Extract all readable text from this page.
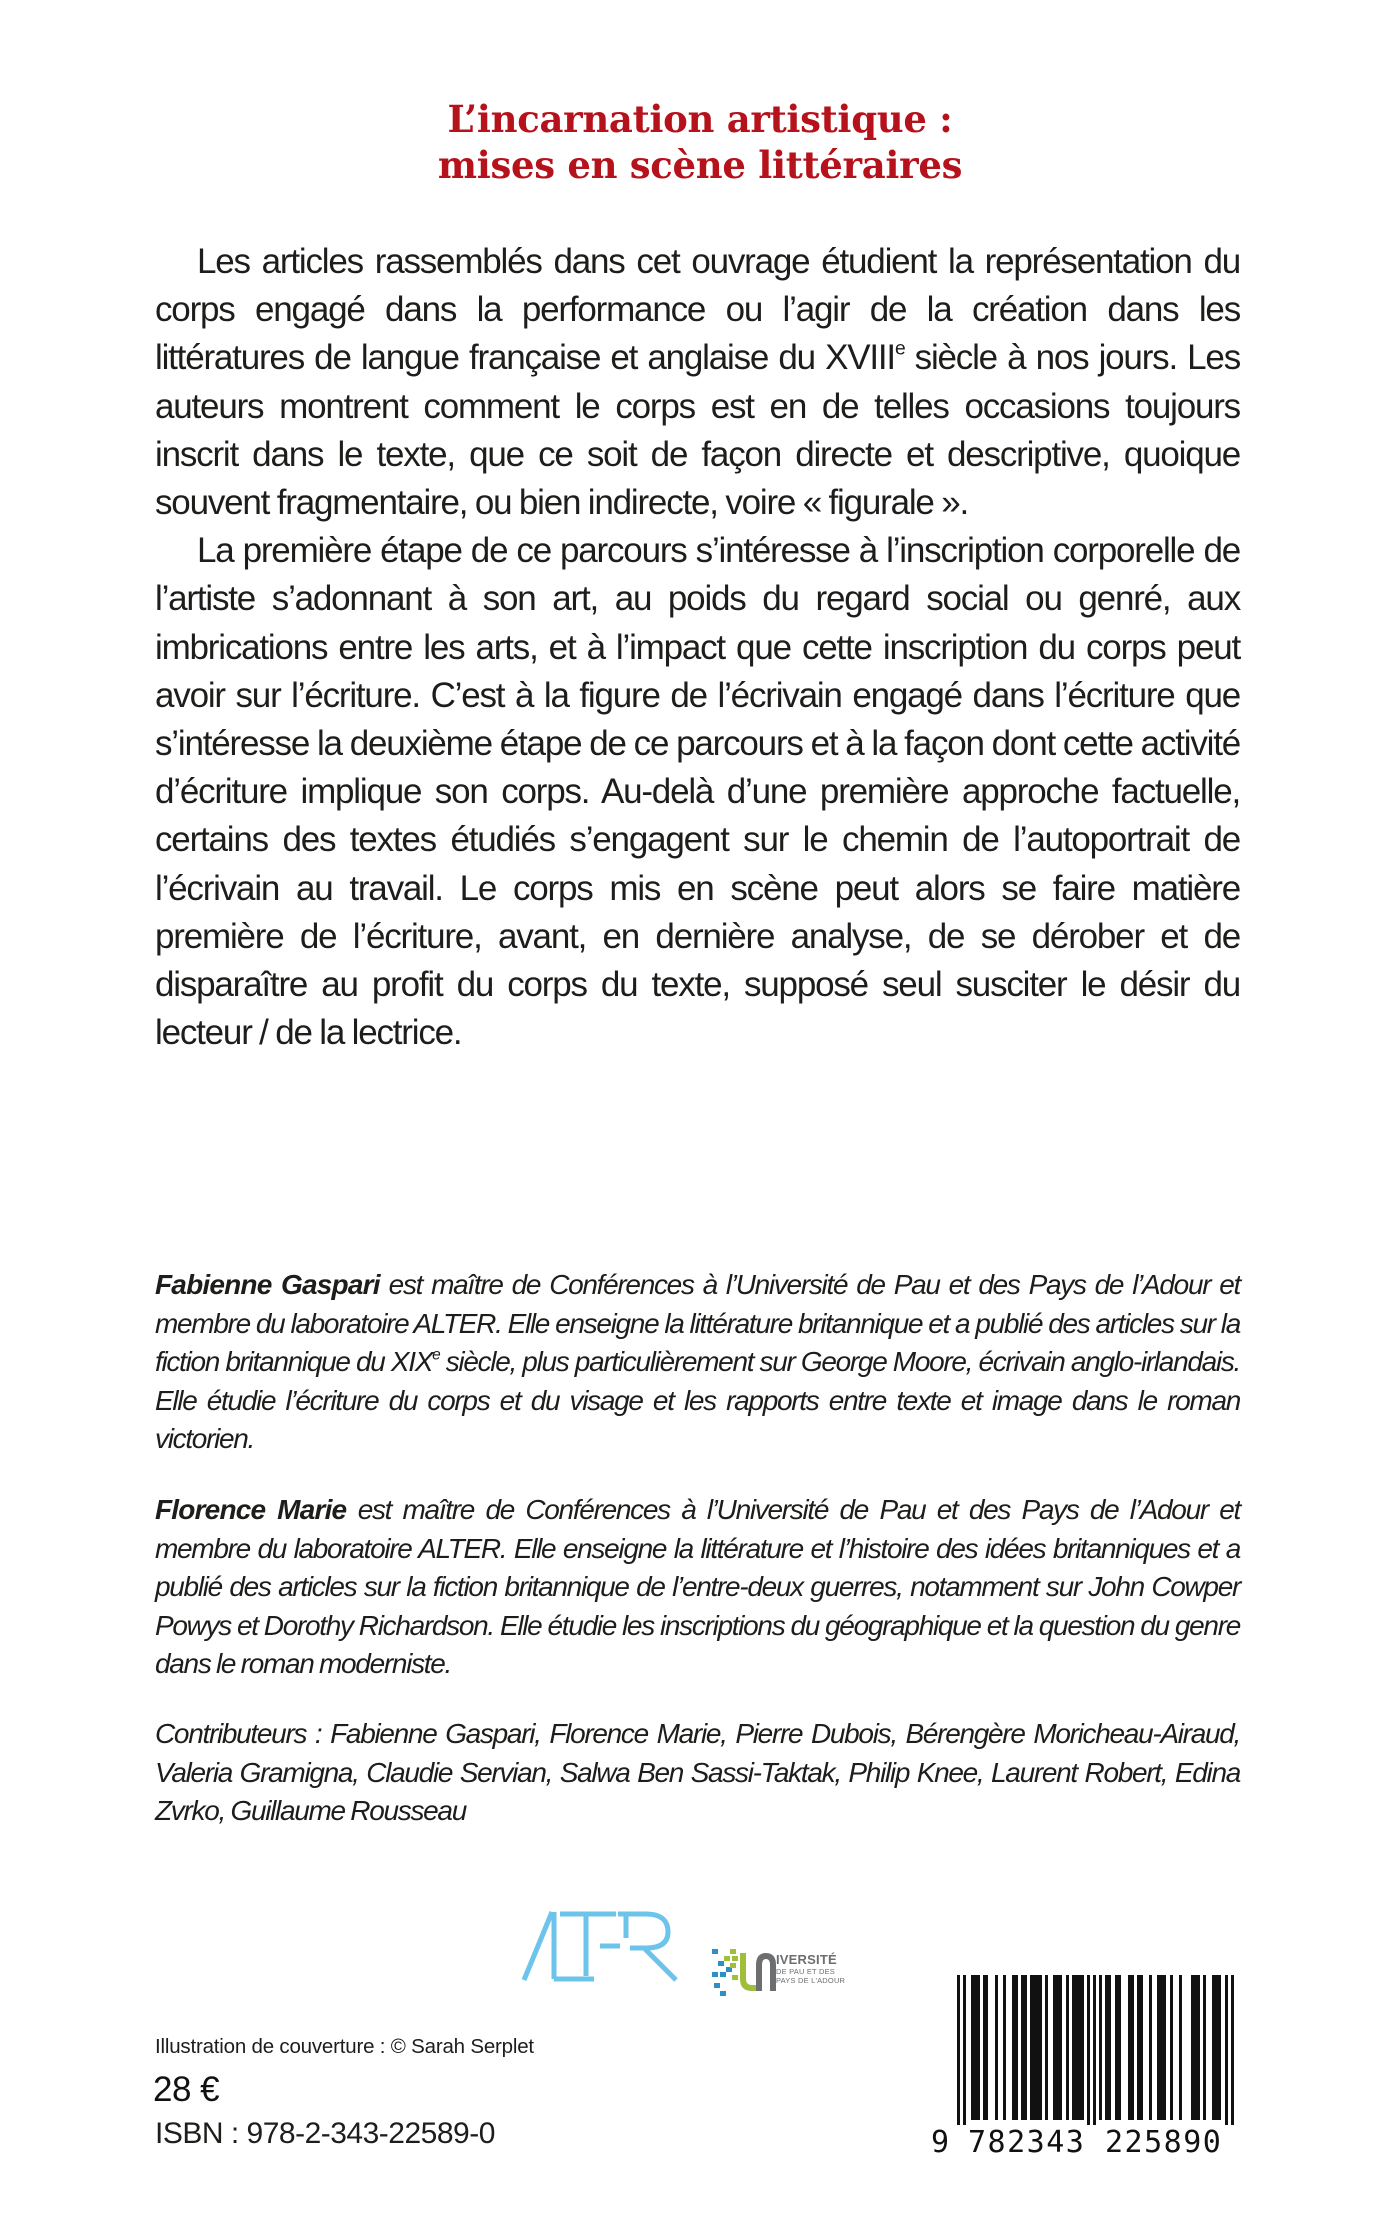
L’incarnation artistique :
mises en scène littéraires

Les articles rassemblés dans cet ouvrage étudient la représentation du corps engagé dans la performance ou l’agir de la création dans les littératures de langue française et anglaise du XVIIIe siècle à nos jours. Les auteurs montrent comment le corps est en de telles occasions toujours inscrit dans le texte, que ce soit de façon directe et descriptive, quoique souvent fragmentaire, ou bien indirecte, voire « figurale ».

La première étape de ce parcours s’intéresse à l’inscription corporelle de l’artiste s’adonnant à son art, au poids du regard social ou genré, aux imbrications entre les arts, et à l’impact que cette inscription du corps peut avoir sur l’écriture. C’est à la figure de l’écrivain engagé dans l’écriture que s’intéresse la deuxième étape de ce parcours et à la façon dont cette activité d’écriture implique son corps. Au-delà d’une première approche factuelle, certains des textes étudiés s’engagent sur le chemin de l’autoportrait de l’écrivain au travail. Le corps mis en scène peut alors se faire matière première de l’écriture, avant, en dernière analyse, de se dérober et de disparaître au profit du corps du texte, supposé seul susciter le désir du lecteur / de la lectrice.

Fabienne Gaspari est maître de Conférences à l’Université de Pau et des Pays de l’Adour et membre du laboratoire ALTER. Elle enseigne la littérature britannique et a publié des articles sur la fiction britannique du XIXe siècle, plus particulièrement sur George Moore, écrivain anglo-irlandais. Elle étudie l’écriture du corps et du visage et les rapports entre texte et image dans le roman victorien.

Florence Marie est maître de Conférences à l’Université de Pau et des Pays de l’Adour et membre du laboratoire ALTER. Elle enseigne la littérature et l’histoire des idées britanniques et a publié des articles sur la fiction britannique de l’entre-deux guerres, notamment sur John Cowper Powys et Dorothy Richardson. Elle étudie les inscriptions du géographique et la question du genre dans le roman moderniste.

Contributeurs : Fabienne Gaspari, Florence Marie, Pierre Dubois, Bérengère Moricheau-Airaud, Valeria Gramigna, Claudie Servian, Salwa Ben Sassi-Taktak, Philip Knee, Laurent Robert, Edina Zvrko, Guillaume Rousseau

IVERSITÉ
DE PAU ET DES
PAYS DE L'ADOUR
Illustration de couverture : © Sarah Serplet
28 €
ISBN : 978-2-343-22589-0	9 782343 225890
